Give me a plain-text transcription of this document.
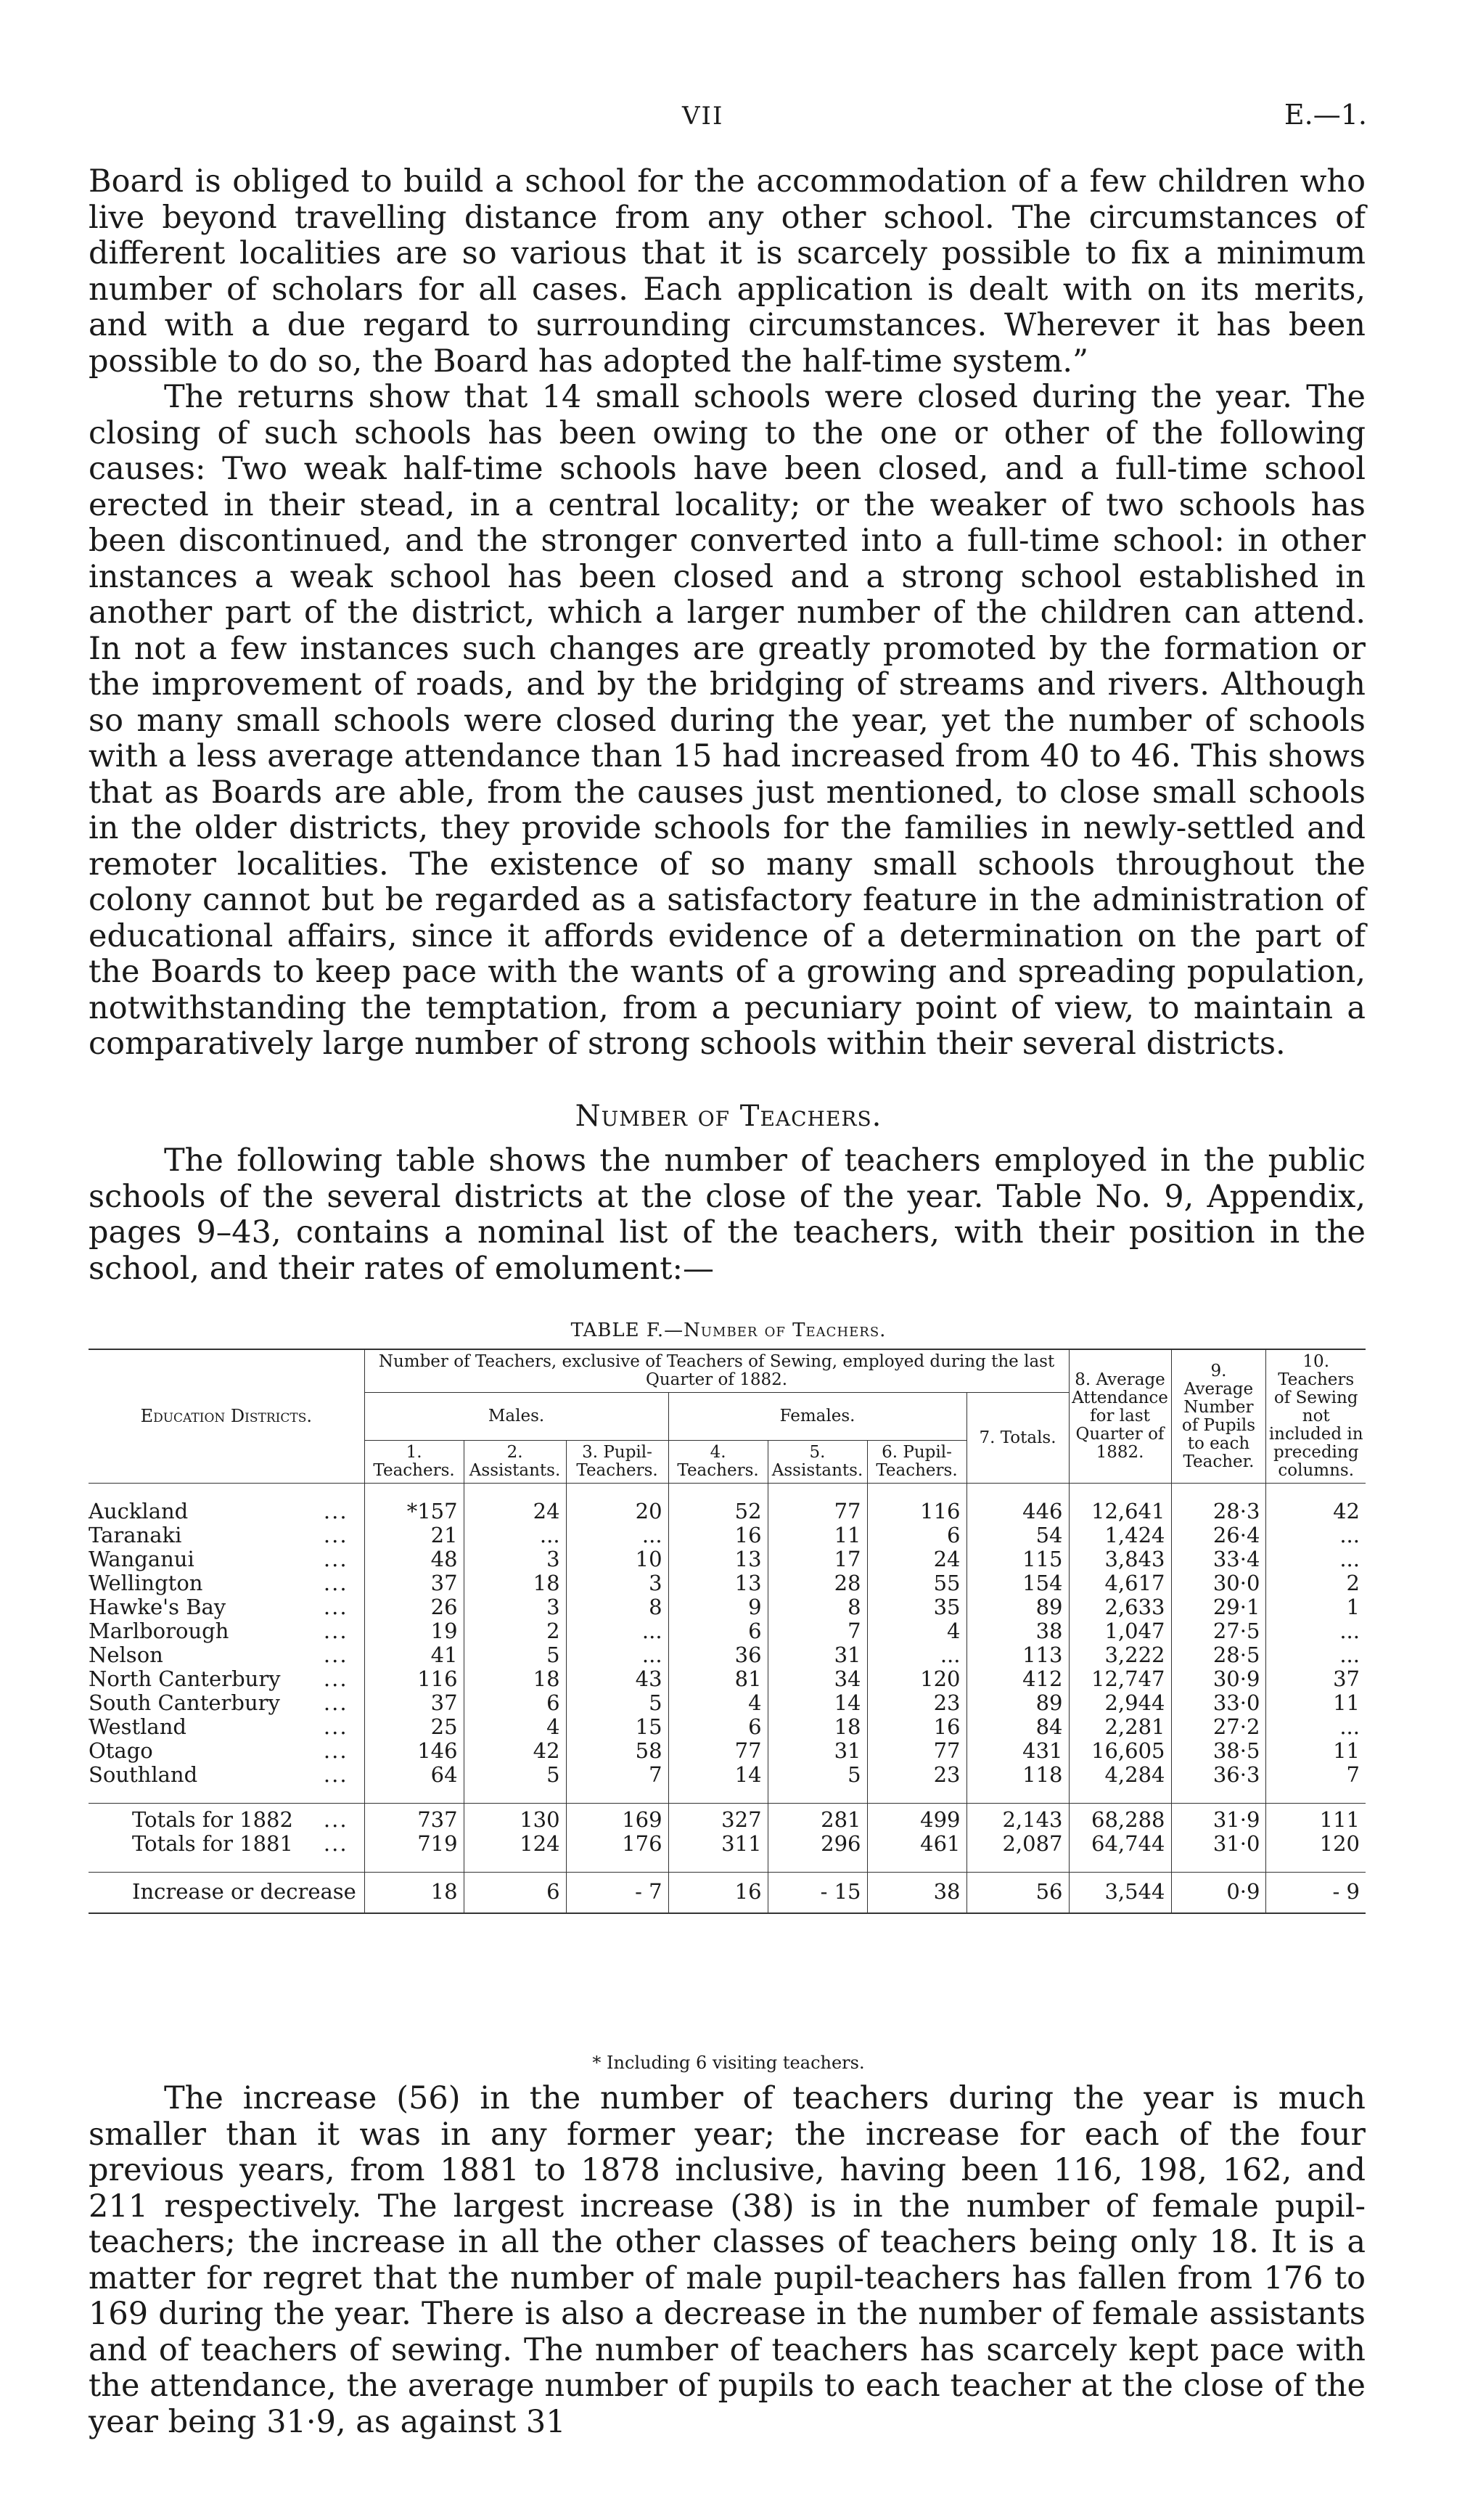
VII	E.—1.

Board is obliged to build a school for the accommodation of a few children who live beyond travelling distance from any other school. The circumstances of different localities are so various that it is scarcely possible to fix a minimum number of scholars for all cases. Each application is dealt with on its merits, and with a due regard to surrounding circumstances. Wherever it has been possible to do so, the Board has adopted the half-time system.”

The returns show that 14 small schools were closed during the year. The closing of such schools has been owing to the one or other of the following causes: Two weak half-time schools have been closed, and a full-time school erected in their stead, in a central locality; or the weaker of two schools has been discontinued, and the stronger converted into a full-time school: in other instances a weak school has been closed and a strong school established in another part of the district, which a larger number of the children can attend. In not a few instances such changes are greatly promoted by the formation or the improvement of roads, and by the bridging of streams and rivers. Although so many small schools were closed during the year, yet the number of schools with a less average attendance than 15 had increased from 40 to 46. This shows that as Boards are able, from the causes just mentioned, to close small schools in the older districts, they provide schools for the families in newly-settled and remoter localities. The existence of so many small schools throughout the colony cannot but be regarded as a satisfactory feature in the administration of educational affairs, since it affords evidence of a determination on the part of the Boards to keep pace with the wants of a growing and spreading population, notwithstanding the temptation, from a pecuniary point of view, to maintain a comparatively large number of strong schools within their several districts.

Number of Teachers.

The following table shows the number of teachers employed in the public schools of the several districts at the close of the year. Table No. 9, Appendix, pages 9–43, contains a nominal list of the teachers, with their position in the school, and their rates of emolument:—

TABLE F.—Number of Teachers.
Education Districts.	Number of Teachers, exclusive of Teachers of Sewing, employed during the last Quarter of 1882.							8. Average Attendance for last Quarter of 1882.	9. Average Number of Pupils to each Teacher.	10. Teachers of Sewing not included in preceding columns.
	Males.			Females.			7. Totals.			
	1. Teachers.	2. Assistants.	3. Pupil-Teachers.	4. Teachers.	5. Assistants.	6. Pupil-Teachers.				

Auckland ...	*157	24	20	52	77	116	446	12,641	28·3	42
Taranaki ...	21	...	...	16	11	6	54	1,424	26·4	...
Wanganui ...	48	3	10	13	17	24	115	3,843	33·4	...
Wellington ...	37	18	3	13	28	55	154	4,617	30·0	2
Hawke's Bay ...	26	3	8	9	8	35	89	2,633	29·1	1
Marlborough ...	19	2	...	6	7	4	38	1,047	27·5	...
Nelson ...	41	5	...	36	31	...	113	3,222	28·5	...
North Canterbury ...	116	18	43	81	34	120	412	12,747	30·9	37
South Canterbury ...	37	6	5	4	14	23	89	2,944	33·0	11
Westland ...	25	4	15	6	18	16	84	2,281	27·2	...
Otago ...	146	42	58	77	31	77	431	16,605	38·5	11
Southland ...	64	5	7	14	5	23	118	4,284	36·3	7

Totals for 1882 ...	737	130	169	327	281	499	2,143	68,288	31·9	111
Totals for 1881 ...	719	124	176	311	296	461	2,087	64,744	31·0	120

Increase or decrease	18	6	- 7	16	- 15	38	56	3,544	0·9	- 9
* Including 6 visiting teachers.

The increase (56) in the number of teachers during the year is much smaller than it was in any former year; the increase for each of the four previous years, from 1881 to 1878 inclusive, having been 116, 198, 162, and 211 respectively. The largest increase (38) is in the number of female pupil-teachers; the increase in all the other classes of teachers being only 18. It is a matter for regret that the number of male pupil-teachers has fallen from 176 to 169 during the year. There is also a decrease in the number of female assistants and of teachers of sewing. The number of teachers has scarcely kept pace with the attendance, the average number of pupils to each teacher at the close of the year being 31·9, as against 31
